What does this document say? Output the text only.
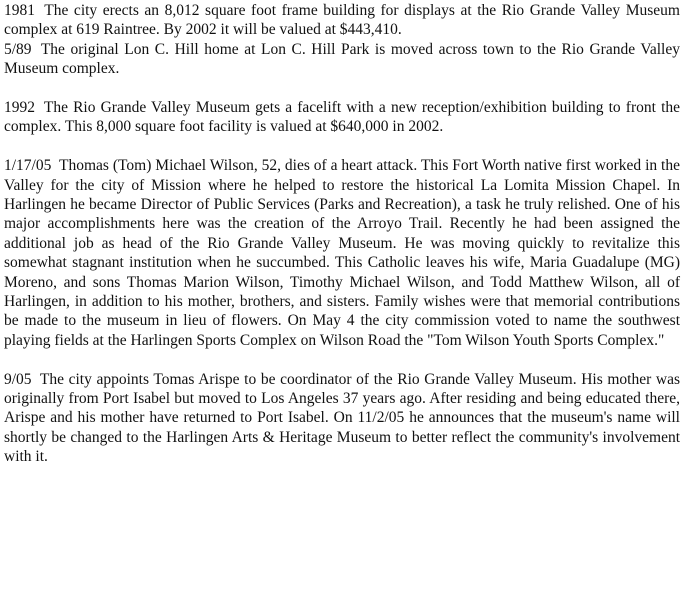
1981 The city erects an 8,012 square foot frame building for displays at the Rio Grande Valley Museum complex at 619 Raintree. By 2002 it will be valued at $443,410.

5/89 The original Lon C. Hill home at Lon C. Hill Park is moved across town to the Rio Grande Valley Museum complex.

1992 The Rio Grande Valley Museum gets a facelift with a new reception/exhibition building to front the complex. This 8,000 square foot facility is valued at $640,000 in 2002.

1/17/05 Thomas (Tom) Michael Wilson, 52, dies of a heart attack. This Fort Worth native first worked in the Valley for the city of Mission where he helped to restore the historical La Lomita Mission Chapel. In Harlingen he became Director of Public Services (Parks and Recreation), a task he truly relished. One of his major accomplishments here was the creation of the Arroyo Trail. Recently he had been assigned the additional job as head of the Rio Grande Valley Museum. He was moving quickly to revitalize this somewhat stagnant institution when he succumbed. This Catholic leaves his wife, Maria Guadalupe (MG) Moreno, and sons Thomas Marion Wilson, Timothy Michael Wilson, and Todd Matthew Wilson, all of Harlingen, in addition to his mother, brothers, and sisters. Family wishes were that memorial contributions be made to the museum in lieu of flowers. On May 4 the city commission voted to name the southwest playing fields at the Harlingen Sports Complex on Wilson Road the "Tom Wilson Youth Sports Complex."

9/05 The city appoints Tomas Arispe to be coordinator of the Rio Grande Valley Museum. His mother was originally from Port Isabel but moved to Los Angeles 37 years ago. After residing and being educated there, Arispe and his mother have returned to Port Isabel. On 11/2/05 he announces that the museum's name will shortly be changed to the Harlingen Arts & Heritage Museum to better reflect the community's involvement with it.
